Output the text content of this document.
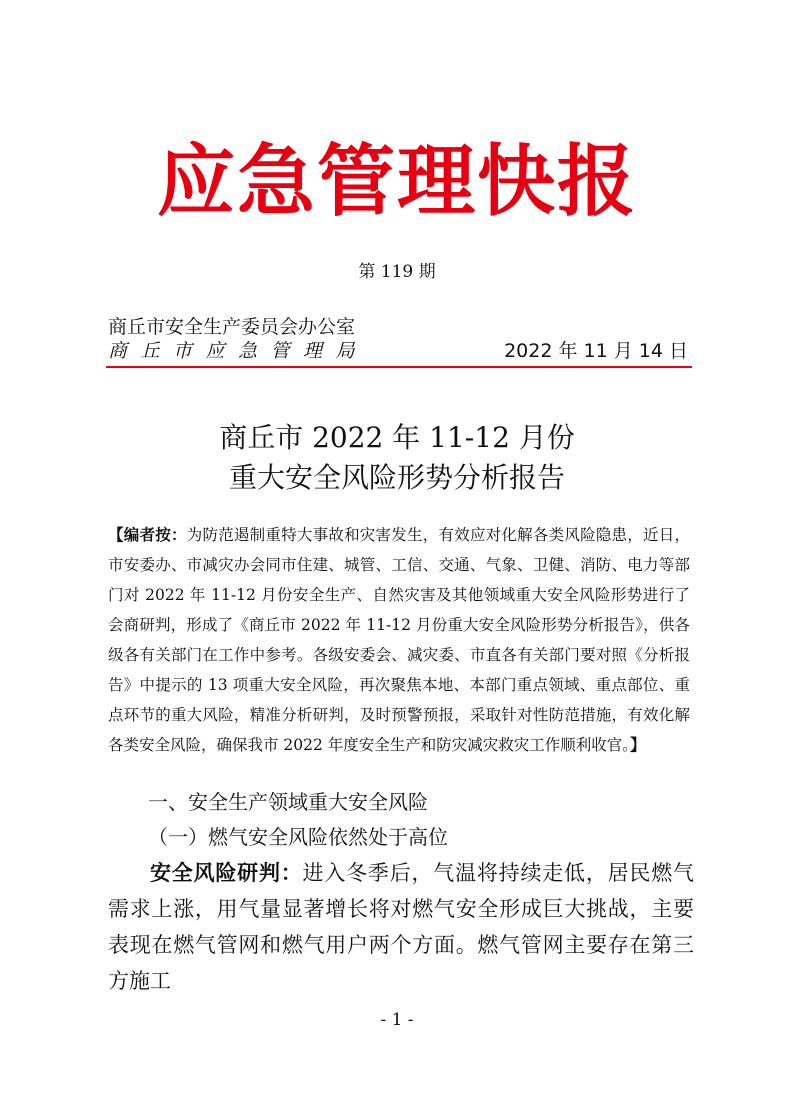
应急管理快报
第 119 期
商丘市安全生产委员会办公室
商丘市应急管理局	2022 年 11 月 14 日
商丘市 2022 年 11-12 月份
重大安全风险形势分析报告
【编者按：为防范遏制重特大事故和灾害发生，有效应对化解各类风险隐患，近日，市安委办、市减灾办会同市住建、城管、工信、交通、气象、卫健、消防、电力等部门对 2022 年 11-12 月份安全生产、自然灾害及其他领域重大安全风险形势进行了会商研判，形成了《商丘市 2022 年 11-12 月份重大安全风险形势分析报告》，供各级各有关部门在工作中参考。各级安委会、减灾委、市直各有关部门要对照《分析报告》中提示的 13 项重大安全风险，再次聚焦本地、本部门重点领域、重点部位、重点环节的重大风险，精准分析研判，及时预警预报，采取针对性防范措施，有效化解各类安全风险，确保我市 2022 年度安全生产和防灾减灾救灾工作顺利收官。】
一、安全生产领域重大安全风险
（一）燃气安全风险依然处于高位
安全风险研判：进入冬季后，气温将持续走低，居民燃气需求上涨，用气量显著增长将对燃气安全形成巨大挑战，主要表现在燃气管网和燃气用户两个方面。燃气管网主要存在第三方施工
- 1 -
